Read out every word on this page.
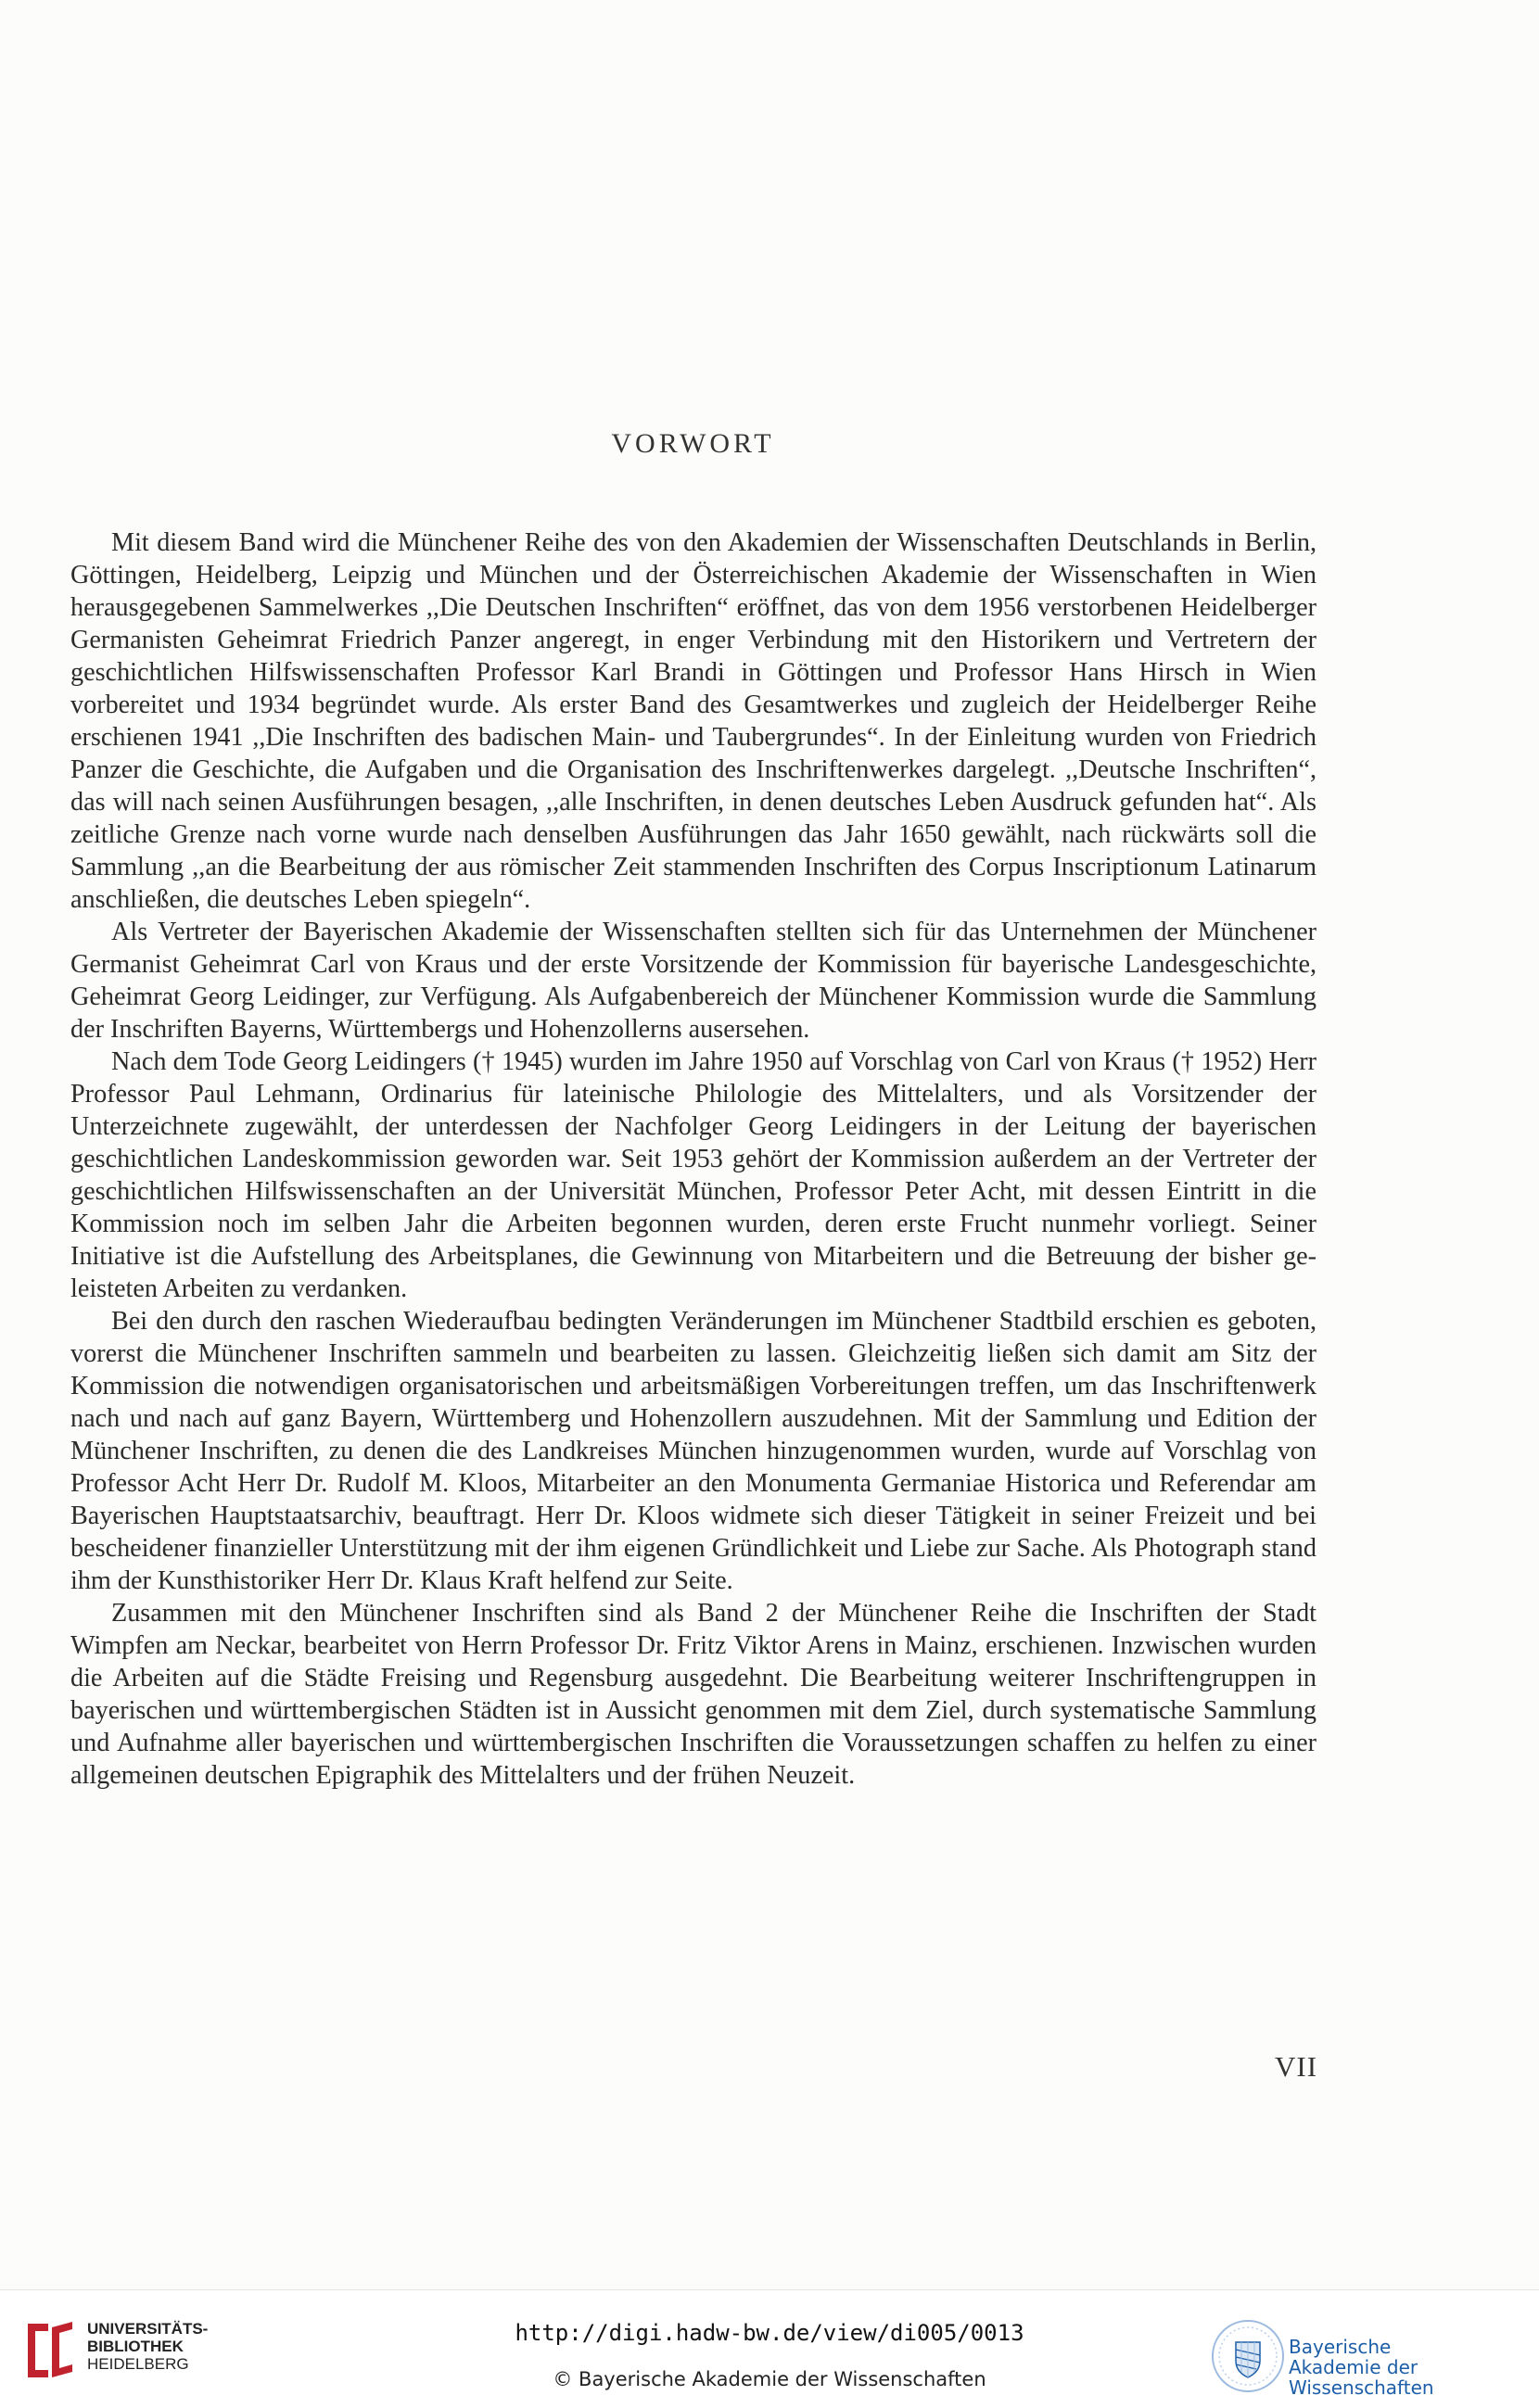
VORWORT

Mit diesem Band wird die Münchener Reihe des von den Akademien der Wissenschaften Deutschlands in Berlin, Göttingen, Heidelberg, Leipzig und München und der Österreichischen Akademie der Wissenschaften in Wien herausgegebenen Sammelwerkes ,,Die Deutschen Inschriften“ eröffnet, das von dem 1956 verstorbenen Heidelberger Germanisten Geheimrat Friedrich Panzer angeregt, in enger Verbindung mit den Historikern und Vertretern der geschichtlichen Hilfswissenschaften Professor Karl Brandi in Göttingen und Professor Hans Hirsch in Wien vorbereitet und 1934 begründet wurde. Als erster Band des Gesamtwerkes und zugleich der Heidelberger Reihe erschienen 1941 ,,Die Inschriften des badischen Main- und Taubergrundes“. In der Einleitung wurden von Friedrich Panzer die Geschichte, die Aufgaben und die Organisation des Inschriftenwerkes dargelegt. ,,Deutsche Inschriften“, das will nach seinen Ausführungen besagen, ,,alle Inschriften, in denen deutsches Leben Ausdruck gefunden hat“. Als zeitliche Grenze nach vorne wurde nach denselben Ausführungen das Jahr 1650 gewählt, nach rückwärts soll die Sammlung ,,an die Bearbeitung der aus römischer Zeit stammenden Inschriften des Corpus Inscriptionum Latinarum anschließen, die deutsches Leben spiegeln“.

Als Vertreter der Bayerischen Akademie der Wissenschaften stellten sich für das Unternehmen der Münchener Germanist Geheimrat Carl von Kraus und der erste Vorsitzende der Kommission für bayerische Landesgeschichte, Geheimrat Georg Leidinger, zur Verfügung. Als Aufgabenbereich der Münchener Kommission wurde die Sammlung der Inschriften Bayerns, Württembergs und Hohenzollerns ausersehen.

Nach dem Tode Georg Leidingers († 1945) wurden im Jahre 1950 auf Vorschlag von Carl von Kraus († 1952) Herr Professor Paul Lehmann, Ordinarius für lateinische Philologie des Mittelalters, und als Vorsitzender der Unterzeichnete zugewählt, der unterdessen der Nachfolger Georg Leidingers in der Leitung der bayerischen geschichtlichen Landeskommission geworden war. Seit 1953 gehört der Kommission außerdem an der Vertreter der geschichtlichen Hilfswissenschaften an der Universität München, Professor Peter Acht, mit dessen Eintritt in die Kommission noch im selben Jahr die Arbeiten begonnen wurden, deren erste Frucht nunmehr vorliegt. Seiner Initiative ist die Aufstellung des Arbeitsplanes, die Gewinnung von Mitarbeitern und die Betreuung der bisher geleisteten Arbeiten zu verdanken.

Bei den durch den raschen Wiederaufbau bedingten Veränderungen im Münchener Stadtbild erschien es geboten, vorerst die Münchener Inschriften sammeln und bearbeiten zu lassen. Gleichzeitig ließen sich damit am Sitz der Kommission die notwendigen organisatorischen und arbeitsmäßigen Vorbereitungen treffen, um das Inschriftenwerk nach und nach auf ganz Bayern, Württemberg und Hohenzollern auszudehnen. Mit der Sammlung und Edition der Münchener Inschriften, zu denen die des Landkreises München hinzugenommen wurden, wurde auf Vorschlag von Professor Acht Herr Dr. Rudolf M. Kloos, Mitarbeiter an den Monumenta Germaniae Historica und Referendar am Bayerischen Hauptstaatsarchiv, beauftragt. Herr Dr. Kloos widmete sich dieser Tätigkeit in seiner Freizeit und bei bescheidener finanzieller Unterstützung mit der ihm eigenen Gründlichkeit und Liebe zur Sache. Als Photograph stand ihm der Kunsthistoriker Herr Dr. Klaus Kraft helfend zur Seite.

Zusammen mit den Münchener Inschriften sind als Band 2 der Münchener Reihe die Inschriften der Stadt Wimpfen am Neckar, bearbeitet von Herrn Professor Dr. Fritz Viktor Arens in Mainz, erschienen. Inzwischen wurden die Arbeiten auf die Städte Freising und Regensburg ausgedehnt. Die Bearbeitung weiterer Inschriftengruppen in bayerischen und württembergischen Städten ist in Aussicht genommen mit dem Ziel, durch systematische Sammlung und Aufnahme aller bayerischen und württembergischen Inschriften die Voraussetzungen schaffen zu helfen zu einer allgemeinen deutschen Epigraphik des Mittelalters und der frühen Neuzeit.

VII
UNIVERSITÄTS-
BIBLIOTHEK
HEIDELBERG
http://digi.hadw-bw.de/view/di005/0013
© Bayerische Akademie der Wissenschaften
Bayerische
Akademie der Wissenschaften
